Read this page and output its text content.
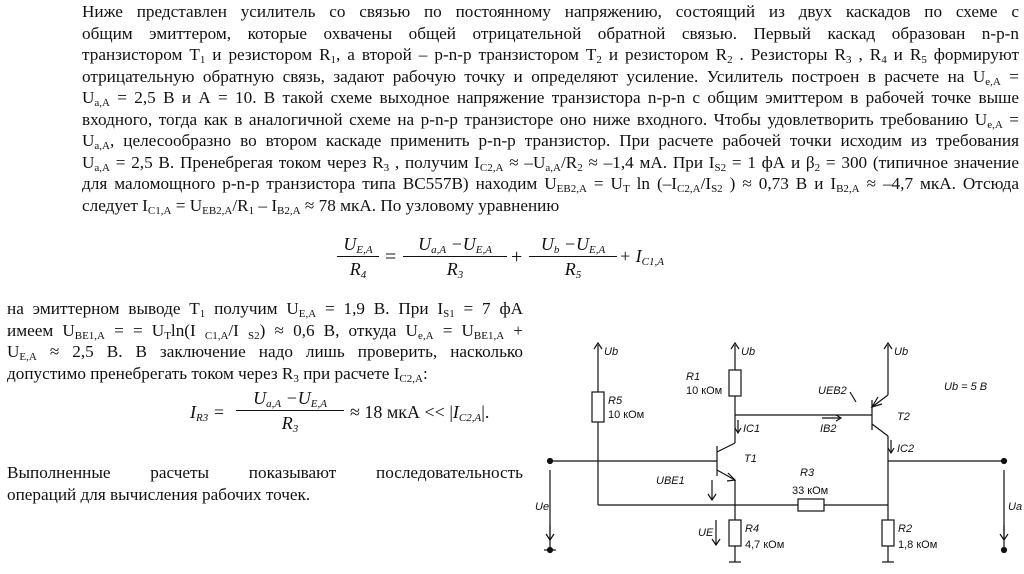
Ниже представлен усилитель со связью по постоянному напряжению, состоящий из двух каскадов по схеме с
общим эмиттером, которые охвачены общей отрицательной обратной связью. Первый каскад образован n-p-n
транзистором $T_1$ и резистором $R_1$, а второй – p-n-p транзистором $T_2$ и резистором $R_2$ . Резисторы $R_3$ , $R_4$ и $R_5$ формируют
отрицательную обратную связь, задают рабочую точку и определяют усиление. Усилитель построен в расчете на $U_{e,A}$ =
$U_{a,A} = 2,5$ В и А = 10. В такой схеме выходное напряжение транзистора n-p-n с общим эмиттером в рабочей точке выше
входного, тогда как в аналогичной схеме на p-n-p транзисторе оно ниже входного. Чтобы удовлетворить требованию $U_{e,A}$ =
$U_{a,A}$, целесообразно во втором каскаде применить p-n-p транзистор. При расчете рабочей точки исходим из требования
$U_{a,A} = 2,5$ В. Пренебрегая током через $R_3$ , получим $I_{C2,A} \approx -U_{a,A}/R_2 \approx -1,4$ мА. При $I_{S2} = 1$ фА и $\beta_2 = 300$ (типичное значение
для маломощного p-n-p транзистора типа BC557B) находим $U_{EB2,A} = U_T$ $\ln (-I_{C2,A}/I_{S2}$ ) ≈ 0,73 В и $I_{B2,A} \approx -4,7$ мкА. Отсюда
следует $I_{C1,A} = U_{EB2,A}/R_1 - I_{B2,A} \approx 78$ мкА. По узловому уравнению
$\frac{U_{E,A}}{R_4} = \frac{U_{a,A} -U_{E,A}}{R_3} + \frac{U_b -U_{E,A}}{R_5} + I_{C1,A}$
на эмиттерном выводе $T_1$ получим $U_{E,A} = 1,9$ В. При $I_{S1} = 7$ фА
имеем $U_{BE1,A}$ = = $U_T\ln(I$ $_{C1,A}$/I $_{S2}$) ≈ 0,6 В, откуда $U_{e,A} = U_{BE1,A}$ +
$U_{E,A} \approx 2,5$ В. В заключение надо лишь проверить, насколько
допустимо пренебрегать током через $R_3$ при расчете $I_{C2,A}$:
$I_{R3} = \frac{U_{a,A} -U_{E,A}}{R_3} \approx 18$ мкА << $|I_{C2,A}|$.
Выполненные расчеты показывают последовательность
операций для вычисления рабочих точек.
Ub	Ub	Ub
R1
10 кОм
R5
10 кОм
R3
33 кОм
R4
4,7 кОм
R2
1,8 кОм
T1
T2
UEB2
UBE1
UE
IC1	IB2
IC2
Ue	Ua
Ub = 5 В
